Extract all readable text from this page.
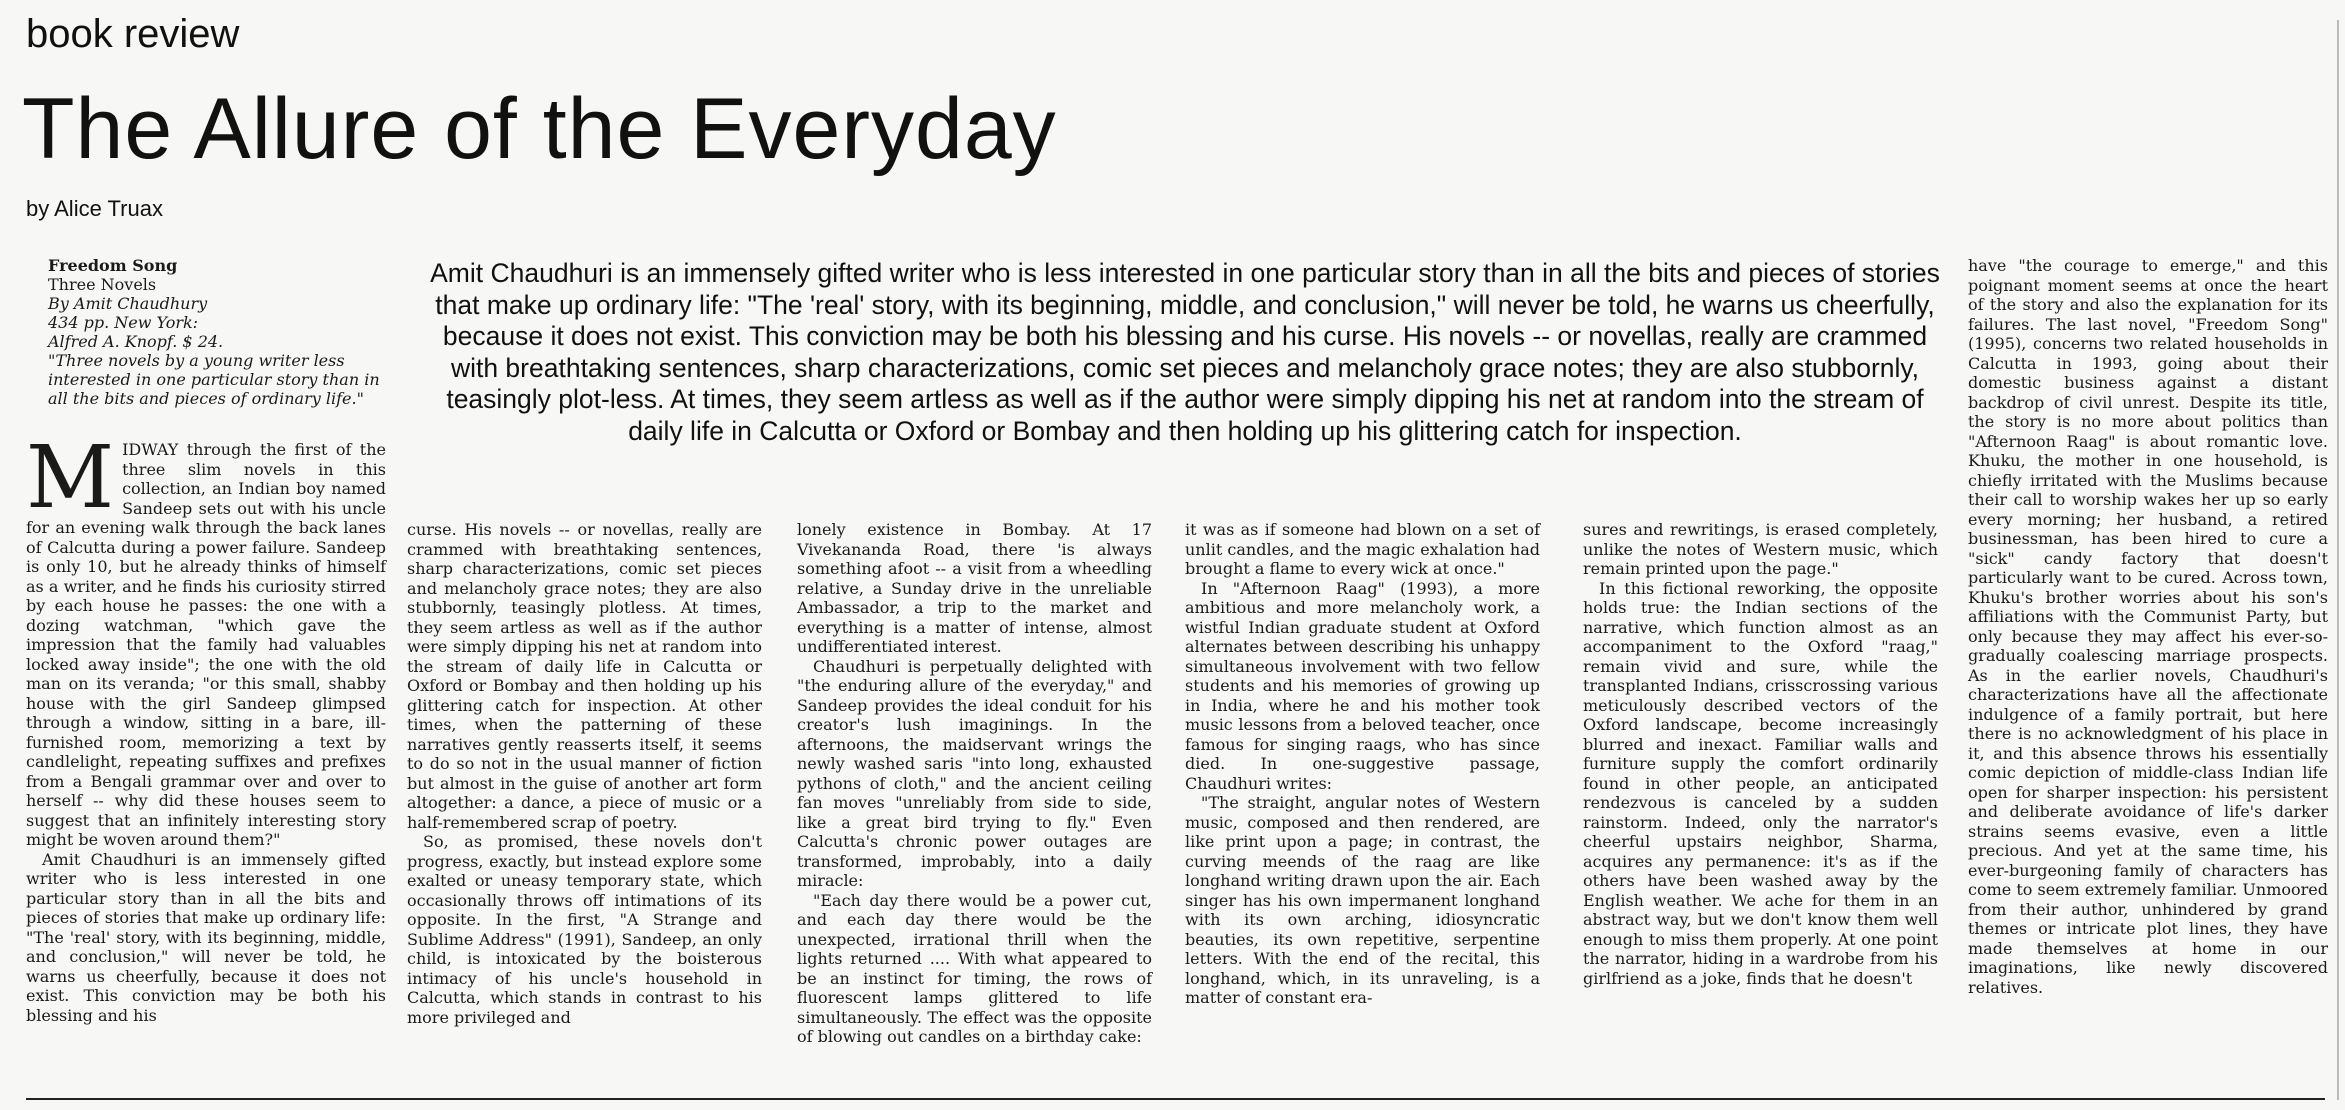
book review
The Allure of the Everyday
by Alice Truax
Freedom Song
Three Novels
By Amit Chaudhury
434 pp. New York:
Alfred A. Knopf. $ 24.
"Three novels by a young writer less interested in one particular story than in all the bits and pieces of ordinary life."
Amit Chaudhuri is an immensely gifted writer who is less interested in one particular story than in all the bits and pieces of stories that make up ordinary life: "The 'real' story, with its beginning, middle, and conclusion," will never be told, he warns us cheerfully, because it does not exist. This conviction may be both his blessing and his curse. His novels -- or novellas, really are crammed with breathtaking sentences, sharp characterizations, comic set pieces and melancholy grace notes; they are also stubbornly, teasingly plot-less. At times, they seem artless as well as if the author were simply dipping his net at random into the stream of daily life in Calcutta or Oxford or Bombay and then holding up his glittering catch for inspection.

MIDWAY through the first of the three slim novels in this collection, an Indian boy named Sandeep sets out with his uncle for an evening walk through the back lanes of Calcutta during a power failure. Sandeep is only 10, but he already thinks of himself as a writer, and he finds his curiosity stirred by each house he passes: the one with a dozing watchman, "which gave the impression that the family had valuables locked away inside"; the one with the old man on its veranda; "or this small, shabby house with the girl Sandeep glimpsed through a window, sitting in a bare, ill-furnished room, memorizing a text by candlelight, repeating suffixes and prefixes from a Bengali grammar over and over to herself -- why did these houses seem to suggest that an infinitely interesting story might be woven around them?"

Amit Chaudhuri is an immensely gifted writer who is less interested in one particular story than in all the bits and pieces of stories that make up ordinary life: "The 'real' story, with its beginning, middle, and conclusion," will never be told, he warns us cheerfully, because it does not exist. This conviction may be both his blessing and his

curse. His novels -- or novellas, really are crammed with breathtaking sentences, sharp characterizations, comic set pieces and melancholy grace notes; they are also stubbornly, teasingly plotless. At times, they seem artless as well as if the author were simply dipping his net at random into the stream of daily life in Calcutta or Oxford or Bombay and then holding up his glittering catch for inspection. At other times, when the patterning of these narratives gently reasserts itself, it seems to do so not in the usual manner of fiction but almost in the guise of another art form altogether: a dance, a piece of music or a half-remembered scrap of poetry.

So, as promised, these novels don't progress, exactly, but instead explore some exalted or uneasy temporary state, which occasionally throws off intimations of its opposite. In the first, "A Strange and Sublime Address" (1991), Sandeep, an only child, is intoxicated by the boisterous intimacy of his uncle's household in Calcutta, which stands in contrast to his more privileged and

lonely existence in Bombay. At 17 Vivekananda Road, there 'is always something afoot -- a visit from a wheedling relative, a Sunday drive in the unreliable Ambassador, a trip to the market and everything is a matter of intense, almost undifferentiated interest.

Chaudhuri is perpetually delighted with "the enduring allure of the everyday," and Sandeep provides the ideal conduit for his creator's lush imaginings. In the afternoons, the maidservant wrings the newly washed saris "into long, exhausted pythons of cloth," and the ancient ceiling fan moves "unreliably from side to side, like a great bird trying to fly." Even Calcutta's chronic power outages are transformed, improbably, into a daily miracle:

"Each day there would be a power cut, and each day there would be the unexpected, irrational thrill when the lights returned .... With what appeared to be an instinct for timing, the rows of fluorescent lamps glittered to life simultaneously. The effect was the opposite of blowing out candles on a birthday cake:

it was as if someone had blown on a set of unlit candles, and the magic exhalation had brought a flame to every wick at once."

In "Afternoon Raag" (1993), a more ambitious and more melancholy work, a wistful Indian graduate student at Oxford alternates between describing his unhappy simultaneous involvement with two fellow students and his memories of growing up in India, where he and his mother took music lessons from a beloved teacher, once famous for singing raags, who has since died. In one-suggestive passage, Chaudhuri writes:

"The straight, angular notes of Western music, composed and then rendered, are like print upon a page; in contrast, the curving meends of the raag are like longhand writing drawn upon the air. Each singer has his own impermanent longhand with its own arching, idiosyncratic beauties, its own repetitive, serpentine letters. With the end of the recital, this longhand, which, in its unraveling, is a matter of constant era-

sures and rewritings, is erased completely, unlike the notes of Western music, which remain printed upon the page."

In this fictional reworking, the opposite holds true: the Indian sections of the narrative, which function almost as an accompaniment to the Oxford "raag," remain vivid and sure, while the transplanted Indians, crisscrossing various meticulously described vectors of the Oxford landscape, become increasingly blurred and inexact. Familiar walls and furniture supply the comfort ordinarily found in other people, an anticipated rendezvous is canceled by a sudden rainstorm. Indeed, only the narrator's cheerful upstairs neighbor, Sharma, acquires any permanence: it's as if the others have been washed away by the English weather. We ache for them in an abstract way, but we don't know them well enough to miss them properly. At one point the narrator, hiding in a wardrobe from his girlfriend as a joke, finds that he doesn't

have "the courage to emerge," and this poignant moment seems at once the heart of the story and also the explanation for its failures. The last novel, "Freedom Song" (1995), concerns two related households in Calcutta in 1993, going about their domestic business against a distant backdrop of civil unrest. Despite its title, the story is no more about politics than "Afternoon Raag" is about romantic love. Khuku, the mother in one household, is chiefly irritated with the Muslims because their call to worship wakes her up so early every morning; her husband, a retired businessman, has been hired to cure a "sick" candy factory that doesn't particularly want to be cured. Across town, Khuku's brother worries about his son's affiliations with the Communist Party, but only because they may affect his ever-so-gradually coalescing marriage prospects. As in the earlier novels, Chaudhuri's characterizations have all the affectionate indulgence of a family portrait, but here there is no acknowledgment of his place in it, and this absence throws his essentially comic depiction of middle-class Indian life open for sharper inspection: his persistent and deliberate avoidance of life's darker strains seems evasive, even a little precious. And yet at the same time, his ever-burgeoning family of characters has come to seem extremely familiar. Unmoored from their author, unhindered by grand themes or intricate plot lines, they have made themselves at home in our imaginations, like newly discovered relatives.
